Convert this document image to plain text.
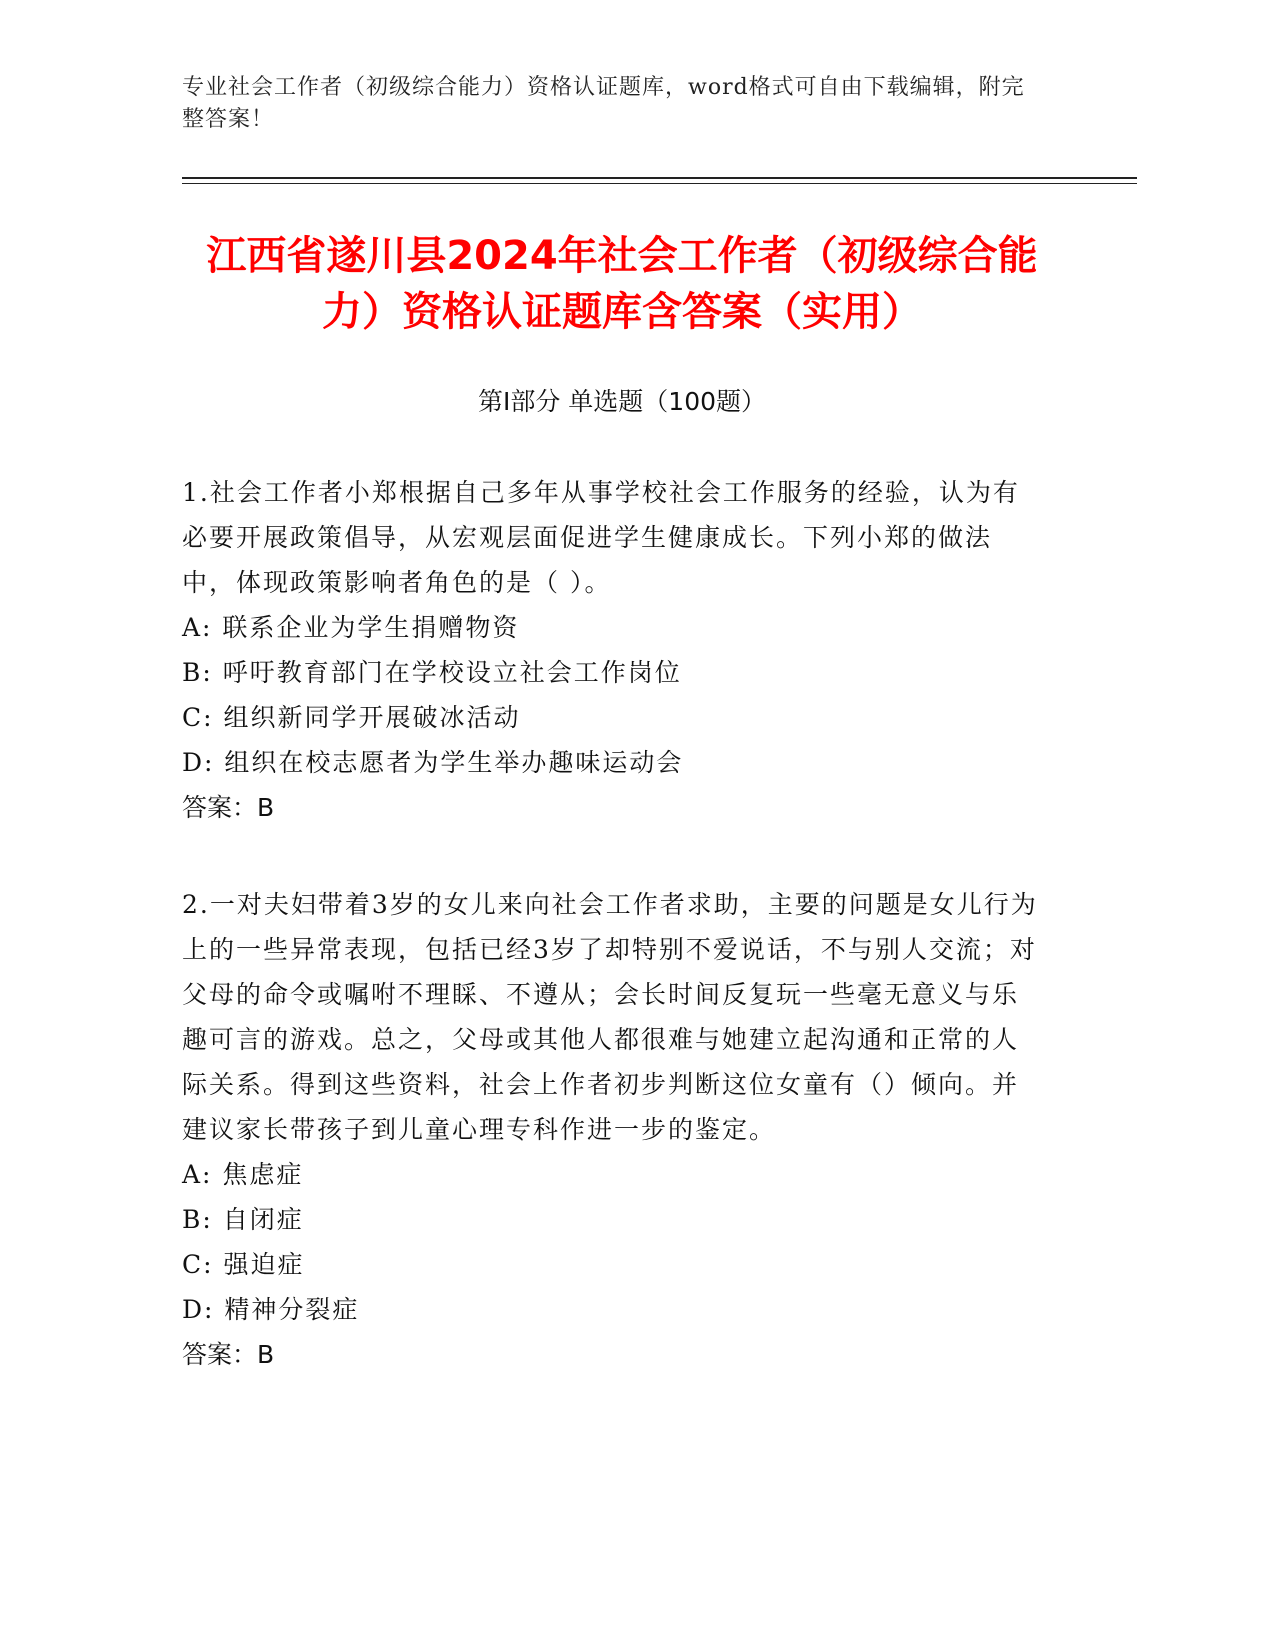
专业社会工作者（初级综合能力）资格认证题库，word格式可自由下载编辑，附完整答案！
江西省遂川县2024年社会工作者（初级综合能力）资格认证题库含答案（实用）
第I部分 单选题（100题）
1.社会工作者小郑根据自己多年从事学校社会工作服务的经验，认为有必要开展政策倡导，从宏观层面促进学生健康成长。下列小郑的做法中，体现政策影响者角色的是（ ）。
A: 联系企业为学生捐赠物资
B: 呼吁教育部门在学校设立社会工作岗位
C: 组织新同学开展破冰活动
D: 组织在校志愿者为学生举办趣味运动会
答案：B
2.一对夫妇带着3岁的女儿来向社会工作者求助，主要的问题是女儿行为上的一些异常表现，包括已经3岁了却特别不爱说话，不与别人交流；对父母的命令或嘱咐不理睬、不遵从；会长时间反复玩一些毫无意义与乐趣可言的游戏。总之，父母或其他人都很难与她建立起沟通和正常的人际关系。得到这些资料，社会上作者初步判断这位女童有（）倾向。并建议家长带孩子到儿童心理专科作进一步的鉴定。
A: 焦虑症
B: 自闭症
C: 强迫症
D: 精神分裂症
答案：B
